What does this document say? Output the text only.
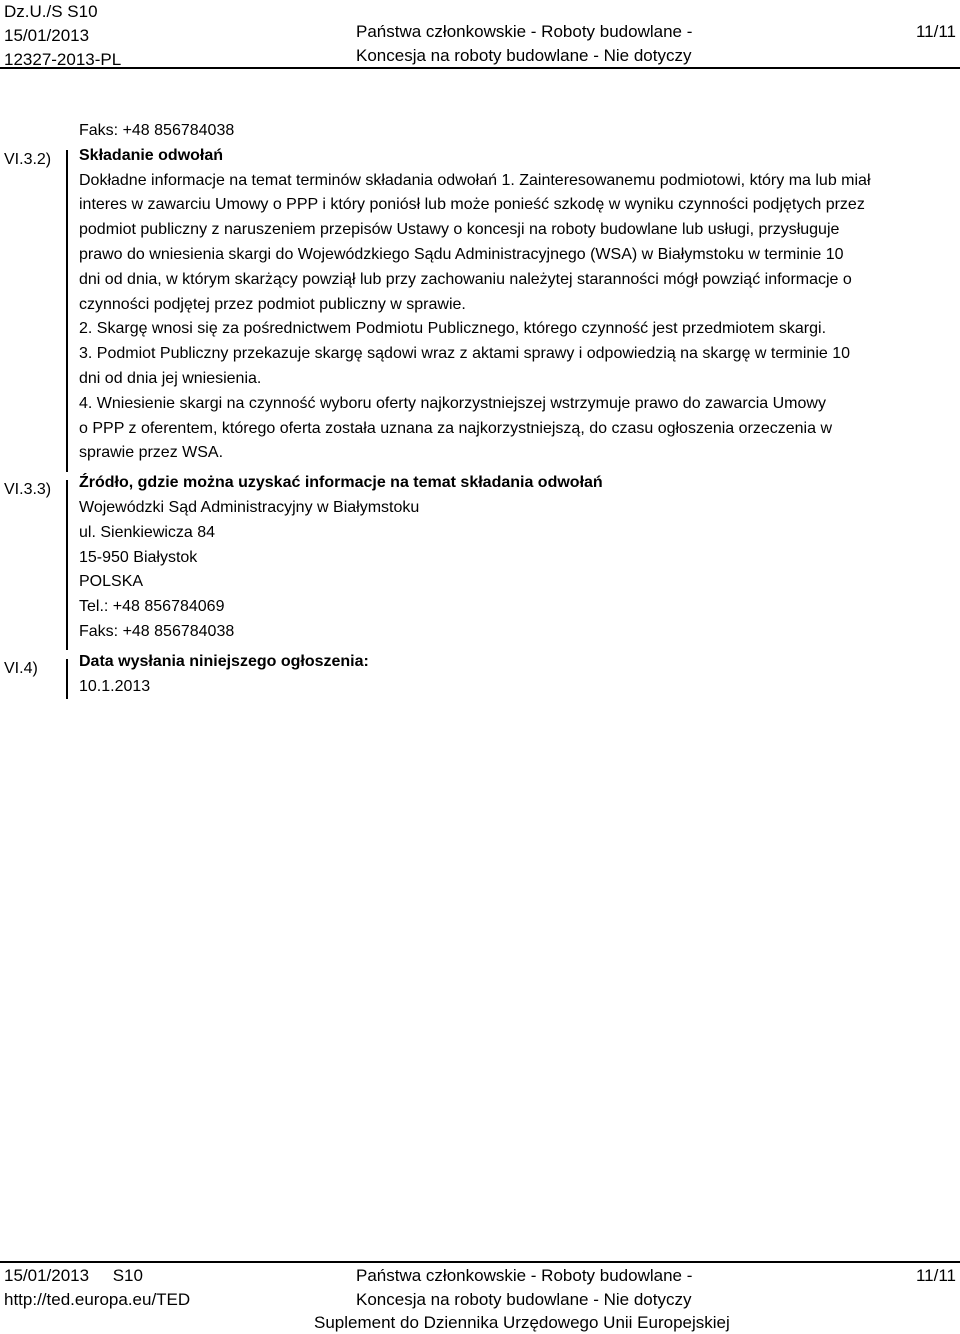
Dz.U./S S10
15/01/2013
12327-2013-PL
Państwa członkowskie - Roboty budowlane -
Koncesja na roboty budowlane - Nie dotyczy
11/11
VI.3.2)
VI.3.3)
VI.4)

Faks: +48 856784038

Składanie odwołań

Dokładne informacje na temat terminów składania odwołań 1. Zainteresowanemu podmiotowi, który ma lub miał
interes w zawarciu Umowy o PPP i który poniósł lub może ponieść szkodę w wyniku czynności podjętych przez
podmiot publiczny z naruszeniem przepisów Ustawy o koncesji na roboty budowlane lub usługi, przysługuje
prawo do wniesienia skargi do Wojewódzkiego Sądu Administracyjnego (WSA) w Białymstoku w terminie 10
dni od dnia, w którym skarżący powziął lub przy zachowaniu należytej staranności mógł powziąć informacje o
czynności podjętej przez podmiot publiczny w sprawie.
2. Skargę wnosi się za pośrednictwem Podmiotu Publicznego, którego czynność jest przedmiotem skargi.
3. Podmiot Publiczny przekazuje skargę sądowi wraz z aktami sprawy i odpowiedzią na skargę w terminie 10
dni od dnia jej wniesienia.
4. Wniesienie skargi na czynność wyboru oferty najkorzystniejszej wstrzymuje prawo do zawarcia Umowy
o PPP z oferentem, którego oferta została uznana za najkorzystniejszą, do czasu ogłoszenia orzeczenia w
sprawie przez WSA.

Źródło, gdzie można uzyskać informacje na temat składania odwołań

Wojewódzki Sąd Administracyjny w Białymstoku
ul. Sienkiewicza 84
15-950 Białystok
POLSKA
Tel.: +48 856784069
Faks: +48 856784038

Data wysłania niniejszego ogłoszenia:

10.1.2013

15/01/2013     S10
http://ted.europa.eu/TED
Państwa członkowskie - Roboty budowlane -
Koncesja na roboty budowlane - Nie dotyczy
11/11
Suplement do Dziennika Urzędowego Unii Europejskiej
